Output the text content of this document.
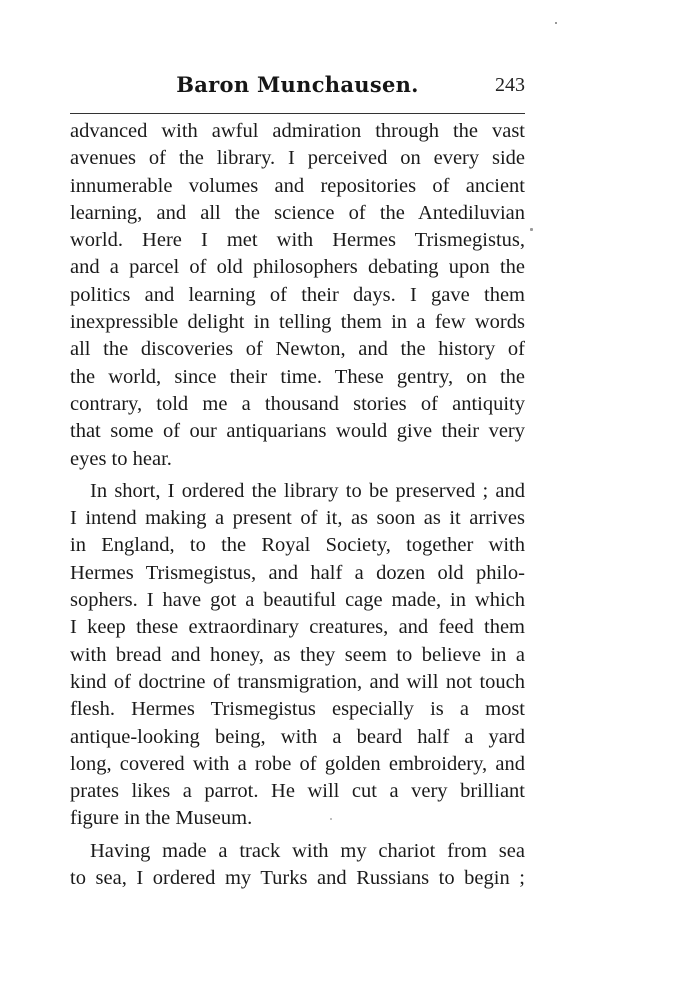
Baron Munchausen.	243
advanced with awful admiration through the vast
avenues of the library. I perceived on every side
innumerable volumes and repositories of ancient
learning, and all the science of the Antediluvian
world. Here I met with Hermes Trismegistus,
and a parcel of old philosophers debating upon the
politics and learning of their days. I gave them
inexpressible delight in telling them in a few words
all the discoveries of Newton, and the history of
the world, since their time. These gentry, on the
contrary, told me a thousand stories of antiquity
that some of our antiquarians would give their very
eyes to hear.
In short, I ordered the library to be preserved ; and
I intend making a present of it, as soon as it arrives
in England, to the Royal Society, together with
Hermes Trismegistus, and half a dozen old philo-
sophers. I have got a beautiful cage made, in which
I keep these extraordinary creatures, and feed them
with bread and honey, as they seem to believe in a
kind of doctrine of transmigration, and will not touch
flesh. Hermes Trismegistus especially is a most
antique-looking being, with a beard half a yard
long, covered with a robe of golden embroidery, and
prates likes a parrot. He will cut a very brilliant
figure in the Museum.
Having made a track with my chariot from sea
to sea, I ordered my Turks and Russians to begin ;
